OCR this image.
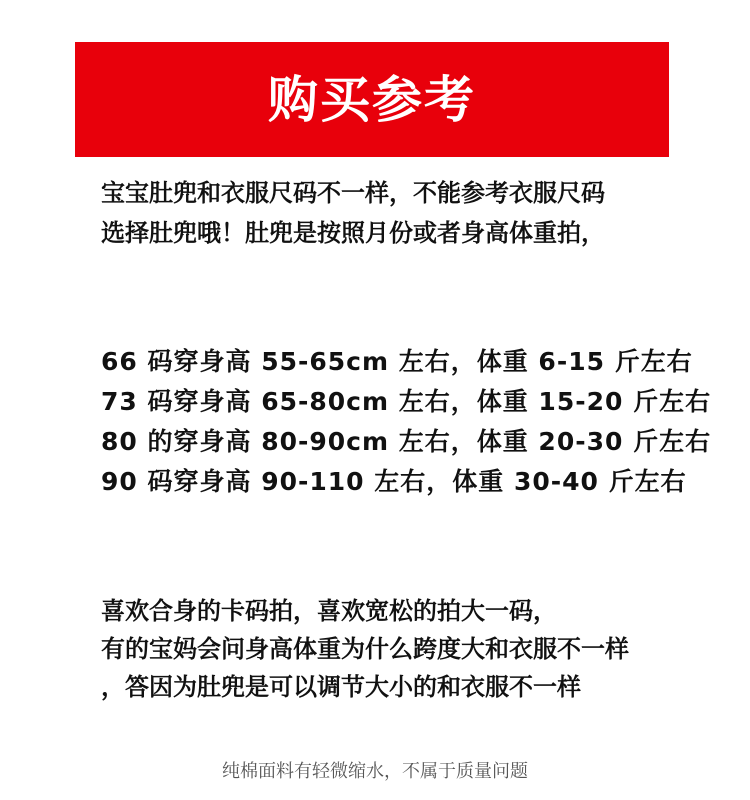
购买参考
宝宝肚兜和衣服尺码不一样，不能参考衣服尺码
选择肚兜哦！肚兜是按照月份或者身高体重拍，
66 码穿身高 55-65cm 左右，体重 6-15 斤左右
73 码穿身高 65-80cm 左右，体重 15-20 斤左右
80 的穿身高 80-90cm 左右，体重 20-30 斤左右
90 码穿身高 90-110 左右，体重 30-40 斤左右
喜欢合身的卡码拍，喜欢宽松的拍大一码，
有的宝妈会问身高体重为什么跨度大和衣服不一样
，答因为肚兜是可以调节大小的和衣服不一样
纯棉面料有轻微缩水，不属于质量问题
